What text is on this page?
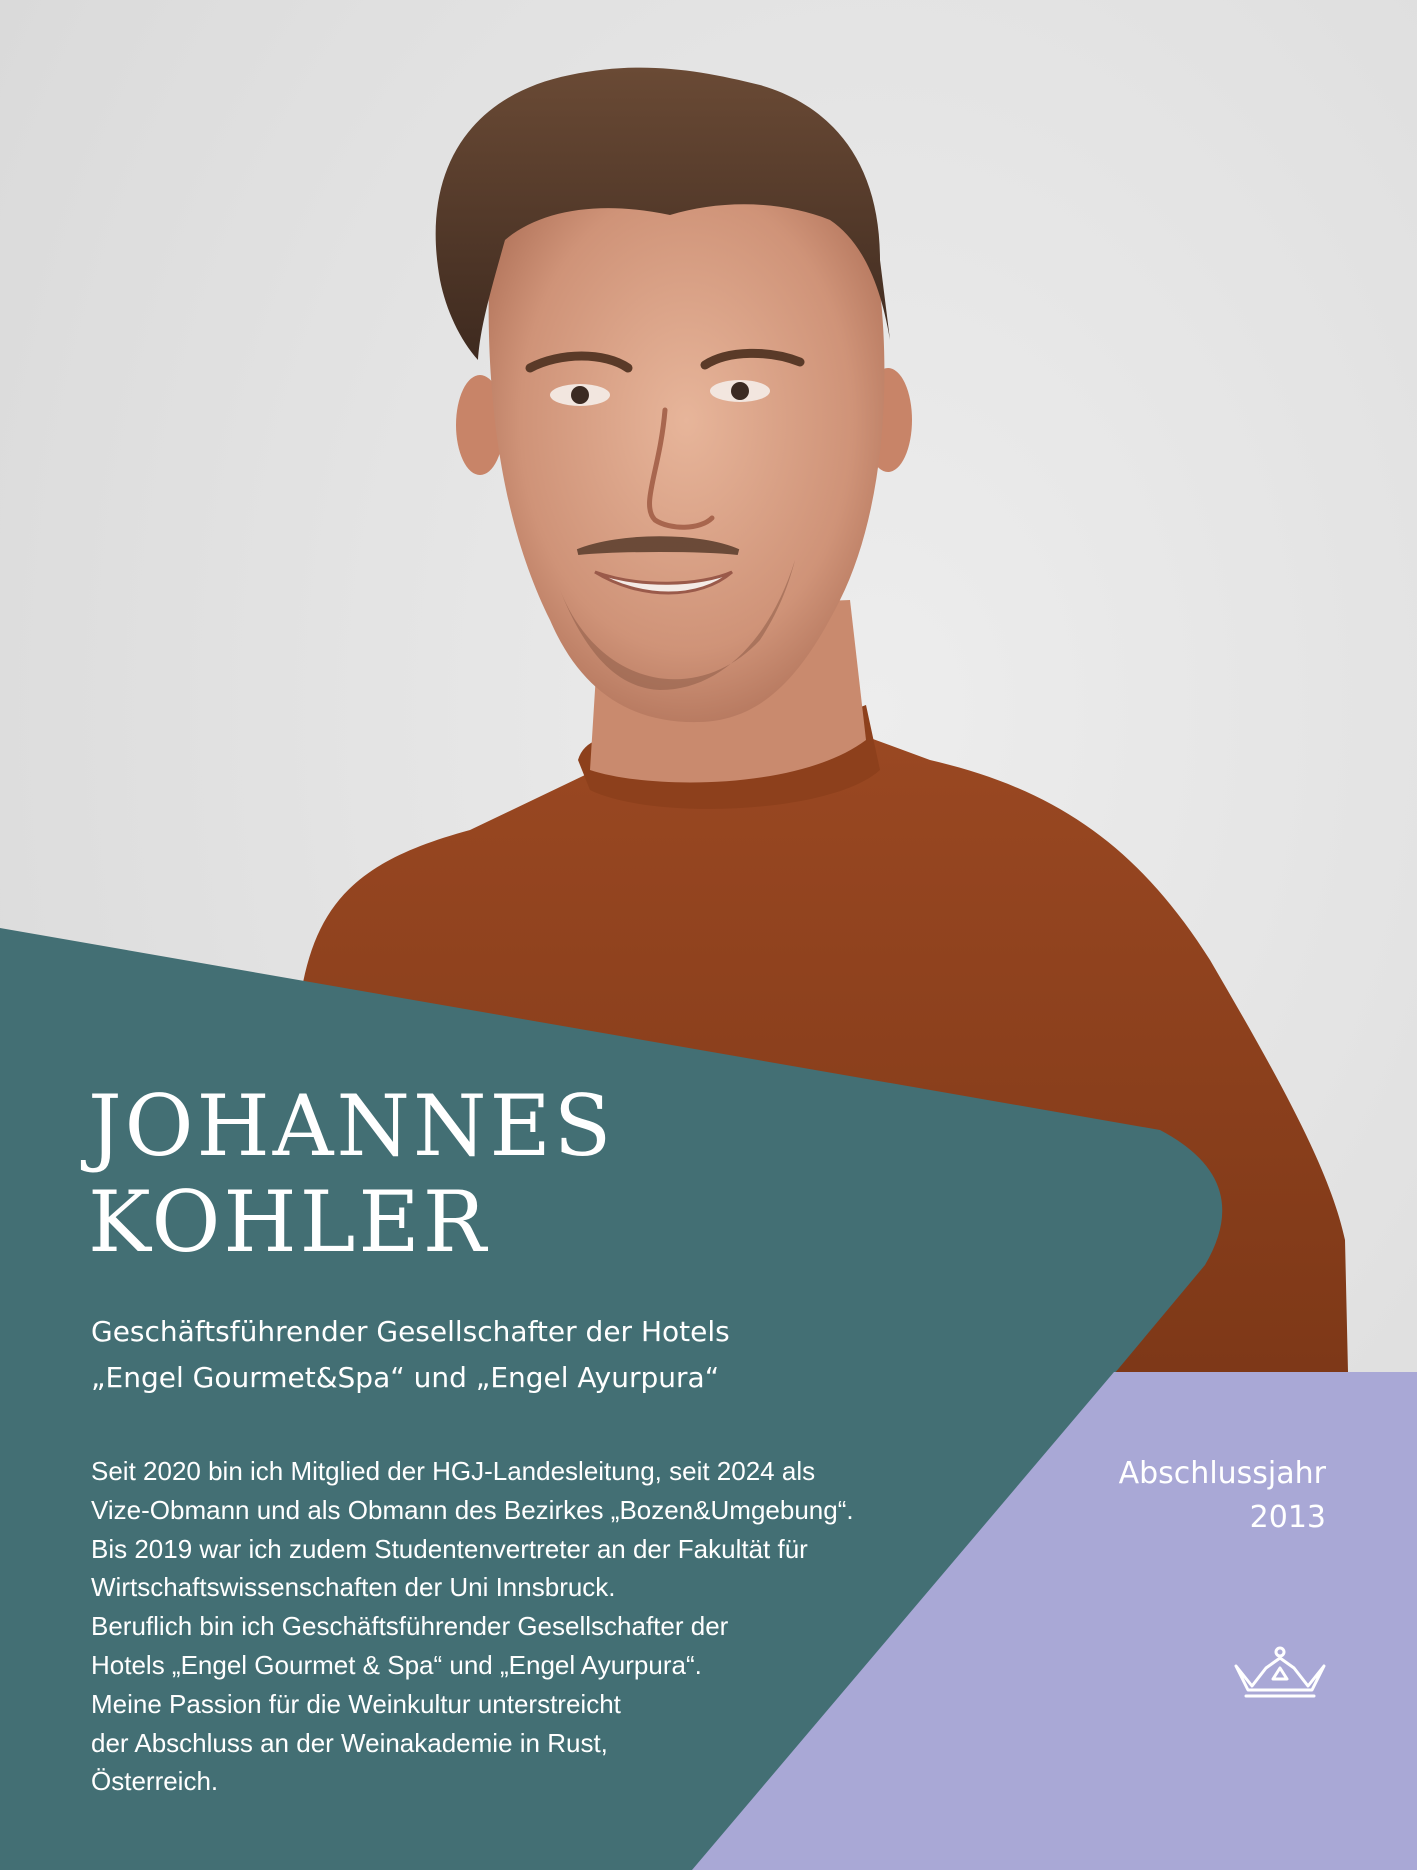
JOHANNES
KOHLER
Geschäftsführender Gesellschafter der Hotels
„Engel Gourmet&Spa“ und „Engel Ayurpura“
Seit 2020 bin ich Mitglied der HGJ-Landesleitung, seit 2024 als
Vize-Obmann und als Obmann des Bezirkes „Bozen&Umgebung“.
Bis 2019 war ich zudem Studentenvertreter an der Fakultät für
Wirtschaftswissenschaften der Uni Innsbruck.
Beruflich bin ich Geschäftsführender Gesellschafter der
Hotels „Engel Gourmet & Spa“ und „Engel Ayurpura“.
Meine Passion für die Weinkultur unterstreicht
der Abschluss an der Weinakademie in Rust,
Österreich.
Abschlussjahr
2013
